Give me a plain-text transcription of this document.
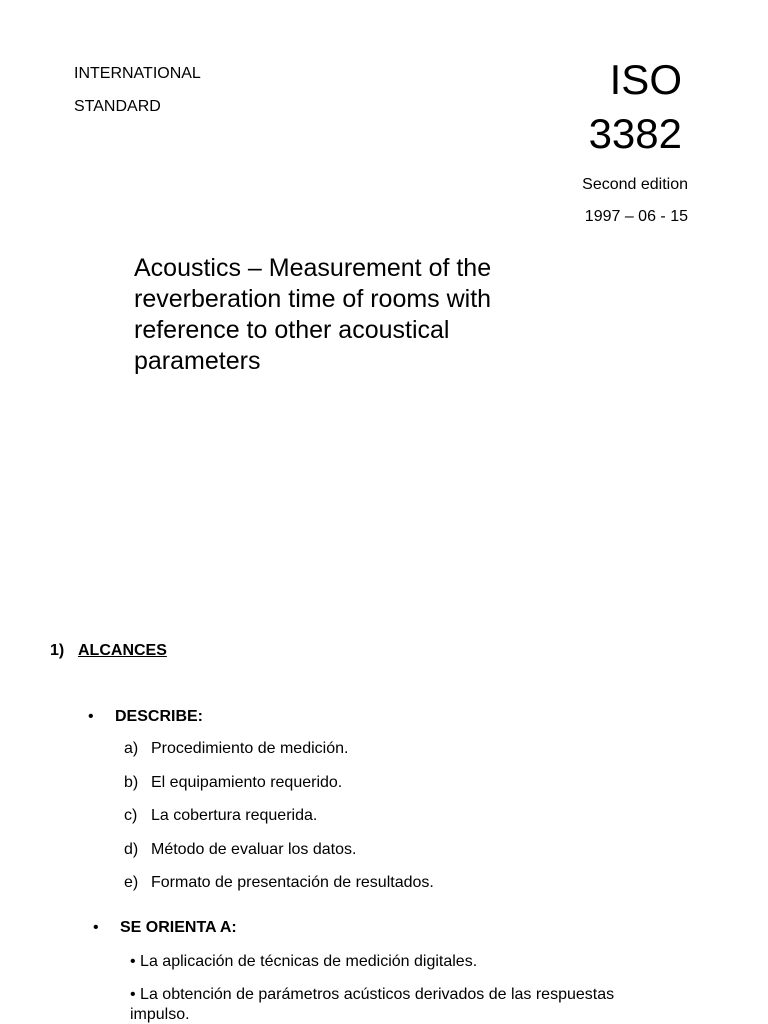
INTERNATIONAL
STANDARD
ISO
3382
Second edition
1997 – 06 - 15
Acoustics – Measurement of the reverberation time of rooms with reference to other acoustical parameters
1) ALCANCES
• DESCRIBE:
a) Procedimiento de medición.
b) El equipamiento requerido.
c) La cobertura requerida.
d) Método de evaluar los datos.
e) Formato de presentación de resultados.
• SE ORIENTA A:
• La aplicación de técnicas de medición digitales.
• La obtención de parámetros acústicos derivados de las respuestas impulso.
